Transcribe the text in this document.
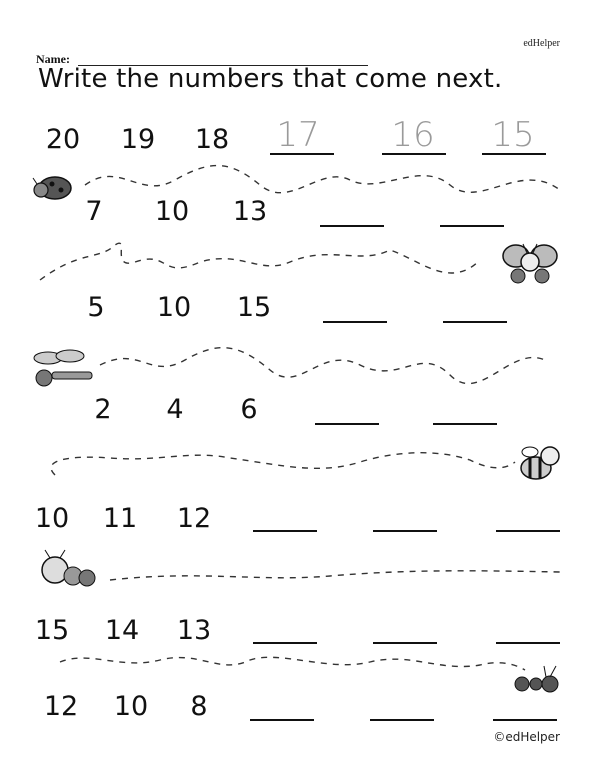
edHelper
Name:
Write the numbers that come next.
20 19 18 17 16 15
7 10 13
5 10 15
2 4 6
10 11 12
15 14 13
12 10 8
©edHelper
